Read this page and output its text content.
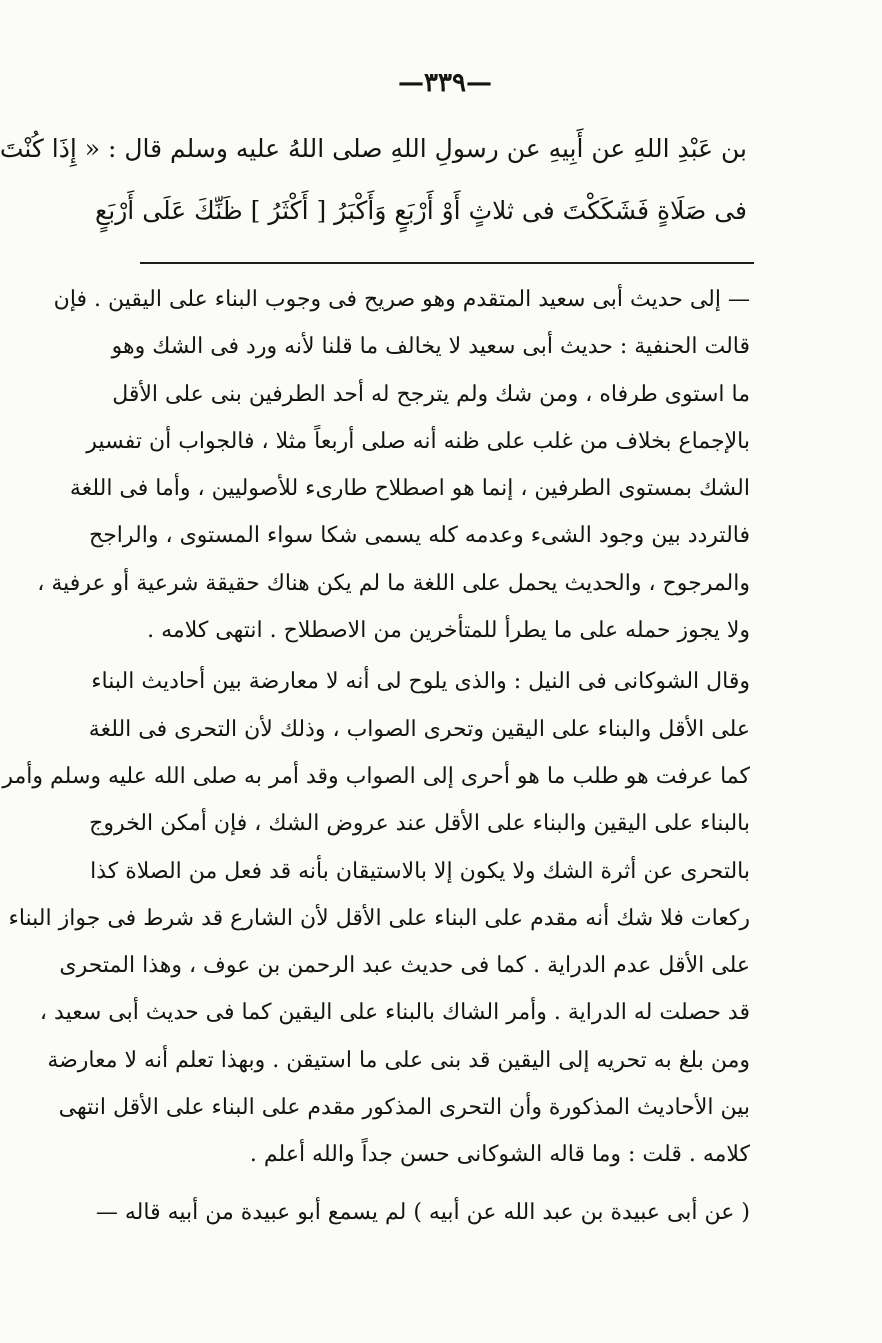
—٣٣٩—
بن عَبْدِ اللهِ عن أَبِيهِ عن رسولِ اللهِ صلى اللهُ عليه وسلم قال : « إِذَا كُنْتَ
فى صَلَاةٍ فَشَكَكْتَ فى ثلاثٍ أَوْ أَرْبَعٍ وَأَكْبَرُ [ أَكْثَرُ ] ظَنِّكَ عَلَى أَرْبَعٍ
— إلى حديث أبى سعيد المتقدم وهو صريح فى وجوب البناء على اليقين . فإن
قالت الحنفية : حديث أبى سعيد لا يخالف ما قلنا لأنه ورد فى الشك وهو
ما استوى طرفاه ، ومن شك ولم يترجح له أحد الطرفين بنى على الأقل
بالإجماع بخلاف من غلب على ظنه أنه صلى أربعاً مثلا ، فالجواب أن تفسير
الشك بمستوى الطرفين ، إنما هو اصطلاح طارىء للأصوليين ، وأما فى اللغة
فالتردد بين وجود الشىء وعدمه كله يسمى شكا سواء المستوى ، والراجح
والمرجوح ، والحديث يحمل على اللغة ما لم يكن هناك حقيقة شرعية أو عرفية ،
ولا يجوز حمله على ما يطرأ للمتأخرين من الاصطلاح . انتهى كلامه .
وقال الشوكانى فى النيل : والذى يلوح لى أنه لا معارضة بين أحاديث البناء
على الأقل والبناء على اليقين وتحرى الصواب ، وذلك لأن التحرى فى اللغة
كما عرفت هو طلب ما هو أحرى إلى الصواب وقد أمر به صلى الله عليه وسلم وأمر
بالبناء على اليقين والبناء على الأقل عند عروض الشك ، فإن أمكن الخروج
بالتحرى عن أثرة الشك ولا يكون إلا بالاستيقان بأنه قد فعل من الصلاة كذا
ركعات فلا شك أنه مقدم على البناء على الأقل لأن الشارع قد شرط فى جواز البناء
على الأقل عدم الدراية . كما فى حديث عبد الرحمن بن عوف ، وهذا المتحرى
قد حصلت له الدراية . وأمر الشاك بالبناء على اليقين كما فى حديث أبى سعيد ،
ومن بلغ به تحريه إلى اليقين قد بنى على ما استيقن . وبهذا تعلم أنه لا معارضة
بين الأحاديث المذكورة وأن التحرى المذكور مقدم على البناء على الأقل انتهى
كلامه . قلت : وما قاله الشوكانى حسن جداً والله أعلم .
( عن أبى عبيدة بن عبد الله عن أبيه ) لم يسمع أبو عبيدة من أبيه قاله —
